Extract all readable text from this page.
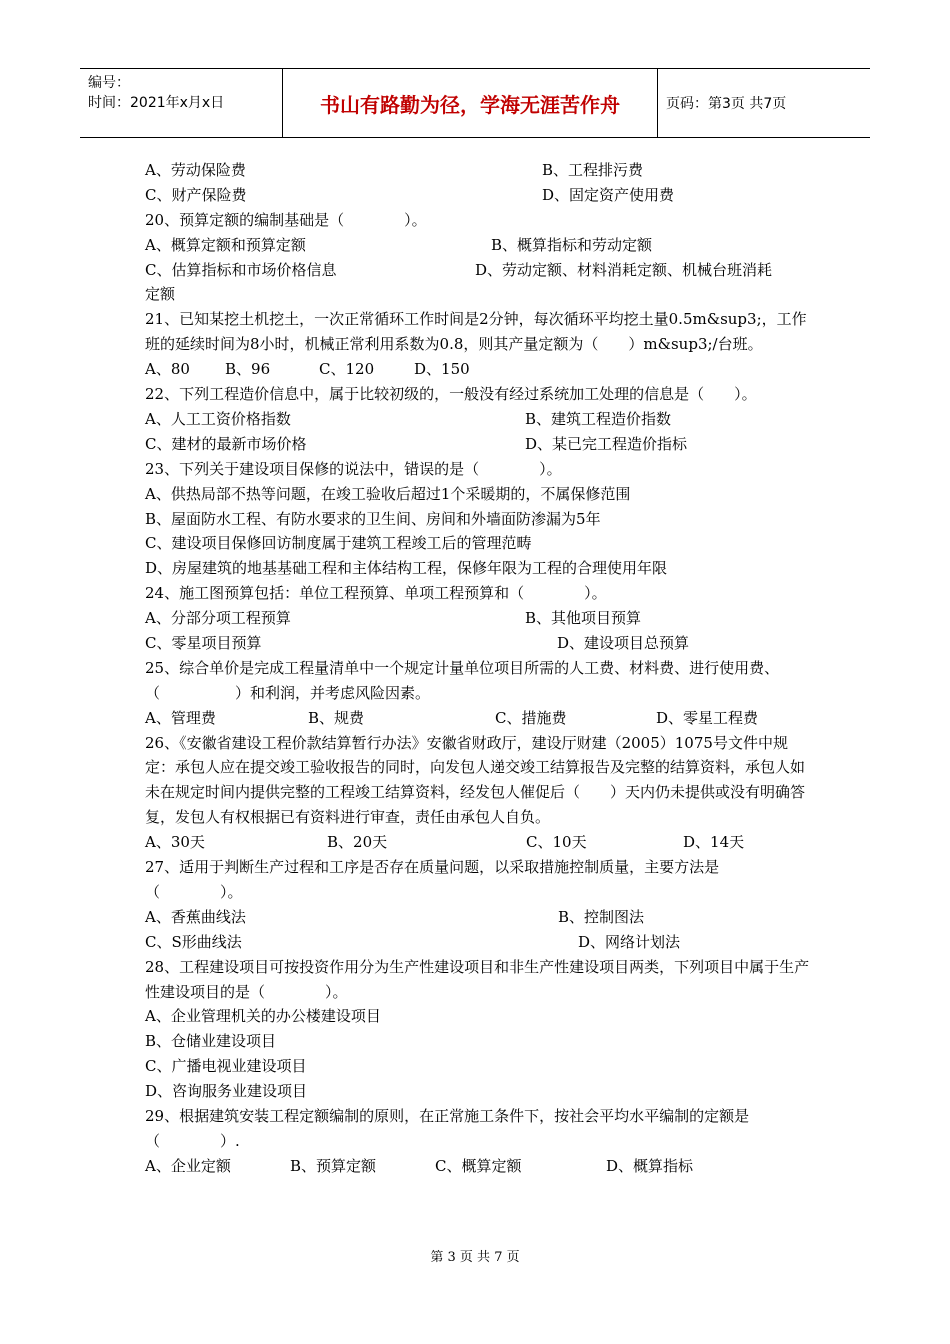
编号：
时间：2021年x月x日	书山有路勤为径，学海无涯苦作舟	页码：第3页 共7页
A、劳动保险费	B、工程排污费
C、财产保险费	D、固定资产使用费
20、预算定额的编制基础是（　　　　）。
A、概算定额和预算定额	B、概算指标和劳动定额
C、估算指标和市场价格信息	D、劳动定额、材料消耗定额、机械台班消耗
定额
21、已知某挖土机挖土，一次正常循环工作时间是2分钟，每次循环平均挖土量0.5m&sup3;，工作班的延续时间为8小时，机械正常利用系数为0.8，则其产量定额为（　　）m&sup3;/台班。
A、80 B、96	C、120	D、150
22、下列工程造价信息中，属于比较初级的，一般没有经过系统加工处理的信息是（　　）。
A、人工工资价格指数	B、建筑工程造价指数
C、建材的最新市场价格	D、某已完工程造价指标
23、下列关于建设项目保修的说法中，错误的是（　　　　）。
A、供热局部不热等问题，在竣工验收后超过1个采暖期的，不属保修范围
B、屋面防水工程、有防水要求的卫生间、房间和外墙面防渗漏为5年
C、建设项目保修回访制度属于建筑工程竣工后的管理范畴
D、房屋建筑的地基基础工程和主体结构工程，保修年限为工程的合理使用年限
24、施工图预算包括：单位工程预算、单项工程预算和（　　　　）。
A、分部分项工程预算	B、其他项目预算
C、零星项目预算	D、建设项目总预算
25、综合单价是完成工程量清单中一个规定计量单位项目所需的人工费、材料费、进行使用费、（　　　　　）和利润，并考虑风险因素。
A、管理费	B、规费	C、措施费	D、零星工程费
26、《安徽省建设工程价款结算暂行办法》安徽省财政厅，建设厅财建（2005）1075号文件中规定：承包人应在提交竣工验收报告的同时，向发包人递交竣工结算报告及完整的结算资料，承包人如未在规定时间内提供完整的工程竣工结算资料，经发包人催促后（　　）天内仍未提供或没有明确答复，发包人有权根据已有资料进行审查，责任由承包人自负。
A、30天	B、20天	C、10天	D、14天
27、适用于判断生产过程和工序是否存在质量问题，以采取措施控制质量，主要方法是（　　　　）。
A、香蕉曲线法	B、控制图法
C、S形曲线法	D、网络计划法
28、工程建设项目可按投资作用分为生产性建设项目和非生产性建设项目两类，下列项目中属于生产性建设项目的是（　　　　）。
A、企业管理机关的办公楼建设项目
B、仓储业建设项目
C、广播电视业建设项目
D、咨询服务业建设项目
29、根据建筑安装工程定额编制的原则，在正常施工条件下，按社会平均水平编制的定额是（　　　　）.
A、企业定额	B、预算定额	C、概算定额	D、概算指标
第 3 页 共 7 页
